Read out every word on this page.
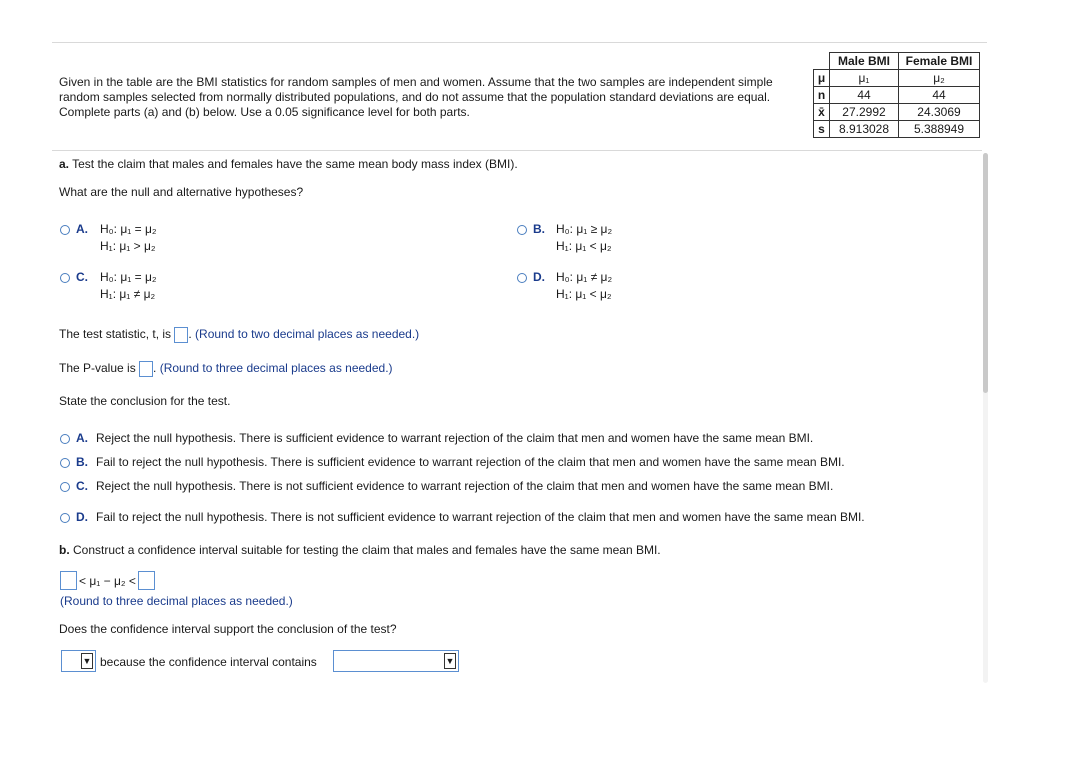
Given in the table are the BMI statistics for random samples of men and women. Assume that the two samples are independent simple random samples selected from normally distributed populations, and do not assume that the population standard deviations are equal. Complete parts (a) and (b) below. Use a 0.05 significance level for both parts.
	Male BMI	Female BMI
μ	μ₁	μ₂
n	44	44
x̄	27.2992	24.3069
s	8.913028	5.388949
a. Test the claim that males and females have the same mean body mass index (BMI).
What are the null and alternative hypotheses?
A.	H₀: μ₁ = μ₂
H₁: μ₁ > μ₂
B. H₀: μ₁ ≥ μ₂
H₁: μ₁ < μ₂
C.	H₀: μ₁ = μ₂
H₁: μ₁ ≠ μ₂
D. H₀: μ₁ ≠ μ₂
H₁: μ₁ < μ₂
The test statistic, t, is . (Round to two decimal places as needed.)
The P-value is . (Round to three decimal places as needed.)
State the conclusion for the test.
A. Reject the null hypothesis. There is sufficient evidence to warrant rejection of the claim that men and women have the same mean BMI.
B. Fail to reject the null hypothesis. There is sufficient evidence to warrant rejection of the claim that men and women have the same mean BMI.
C. Reject the null hypothesis. There is not sufficient evidence to warrant rejection of the claim that men and women have the same mean BMI.
D. Fail to reject the null hypothesis. There is not sufficient evidence to warrant rejection of the claim that men and women have the same mean BMI.
b. Construct a confidence interval suitable for testing the claim that males and females have the same mean BMI.
< μ₁ − μ₂ <
(Round to three decimal places as needed.)
Does the confidence interval support the conclusion of the test?
▼ because the confidence interval contains	▼
